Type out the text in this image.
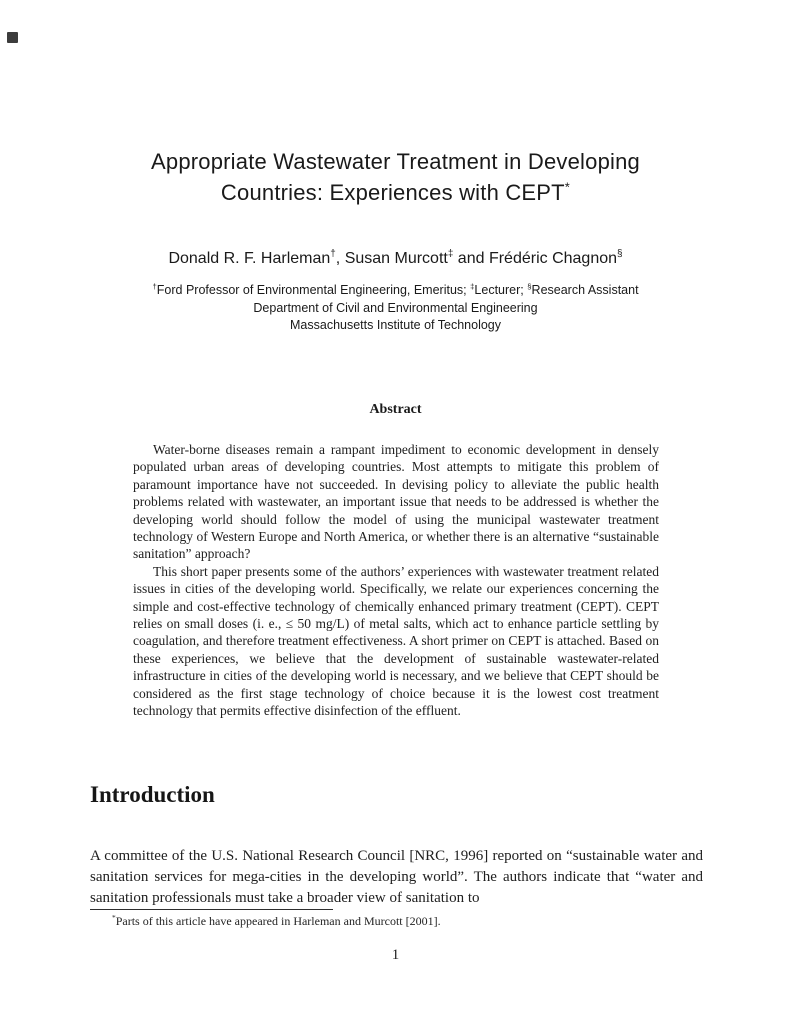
Appropriate Wastewater Treatment in Developing
Countries: Experiences with CEPT*
Donald R. F. Harleman†, Susan Murcott‡ and Frédéric Chagnon§
†Ford Professor of Environmental Engineering, Emeritus; ‡Lecturer; §Research Assistant
Department of Civil and Environmental Engineering
Massachusetts Institute of Technology
Abstract

Water-borne diseases remain a rampant impediment to economic development in densely populated urban areas of developing countries. Most attempts to mitigate this problem of paramount importance have not succeeded. In devising policy to alleviate the public health problems related with wastewater, an important issue that needs to be addressed is whether the developing world should follow the model of using the municipal wastewater treatment technology of Western Europe and North America, or whether there is an alternative “sustainable sanitation” approach?

This short paper presents some of the authors’ experiences with wastewater treatment related issues in cities of the developing world. Specifically, we relate our experiences concerning the simple and cost-effective technology of chemically enhanced primary treatment (CEPT). CEPT relies on small doses (i. e., ≤ 50 mg/L) of metal salts, which act to enhance particle settling by coagulation, and therefore treatment effectiveness. A short primer on CEPT is attached. Based on these experiences, we believe that the development of sustainable wastewater-related infrastructure in cities of the developing world is necessary, and we believe that CEPT should be considered as the first stage technology of choice because it is the lowest cost treatment technology that permits effective disinfection of the effluent.

Introduction
A committee of the U.S. National Research Council [NRC, 1996] reported on “sustainable water and sanitation services for mega-cities in the developing world”. The authors indicate that “water and sanitation professionals must take a broader view of sanitation to
*Parts of this article have appeared in Harleman and Murcott [2001].
1
